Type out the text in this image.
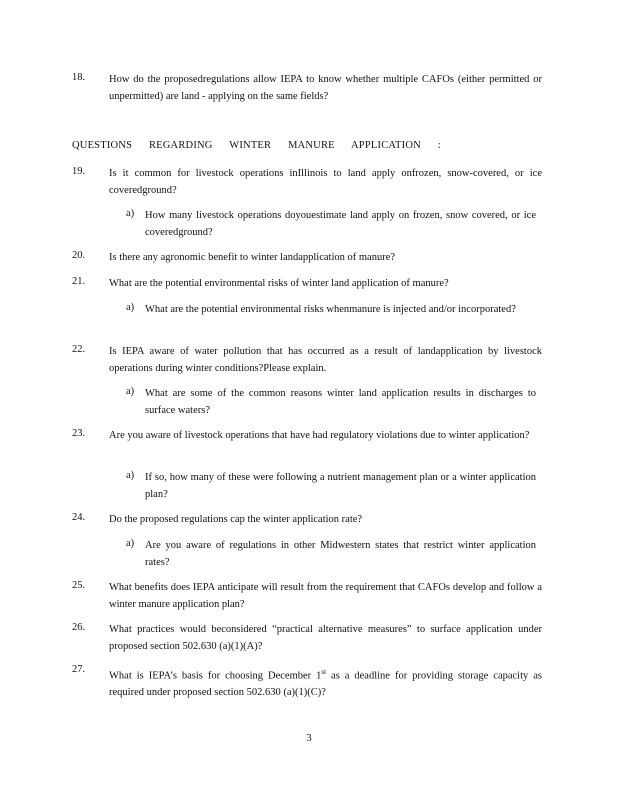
18.	How do the proposedregulations allow IEPA to know whether multiple CAFOs (either permitted or unpermitted) are land - applying on the same fields?
QUESTIONS REGARDING WINTER MANURE APPLICATION :
19.	Is it common for livestock operations inIllinois to land apply onfrozen, snow-covered, or ice coveredground?
a) How many livestock operations doyouestimate land apply on frozen, snow covered, or ice coveredground?
20.	Is there any agronomic benefit to winter landapplication of manure?
21.	What are the potential environmental risks of winter land application of manure?
a) What are the potential environmental risks whenmanure is injected and/or incorporated?
22.	Is IEPA aware of water pollution that has occurred as a result of landapplication by livestock operations during winter conditions?Please explain.
a) What are some of the common reasons winter land application results in discharges to surface waters?
23.	Are you aware of livestock operations that have had regulatory violations due to winter application?
a) If so, how many of these were following a nutrient management plan or a winter application plan?
24.	Do the proposed regulations cap the winter application rate?
a) Are you aware of regulations in other Midwestern states that restrict winter application rates?
25.	What benefits does IEPA anticipate will result from the requirement that CAFOs develop and follow a winter manure application plan?
26.	What practices would beconsidered “practical alternative measures” to surface application under proposed section 502.630 (a)(1)(A)?
27.
What is IEPA’s basis for choosing December 1st as a deadline for providing storage capacity as required under proposed section 502.630 (a)(1)(C)?
3
